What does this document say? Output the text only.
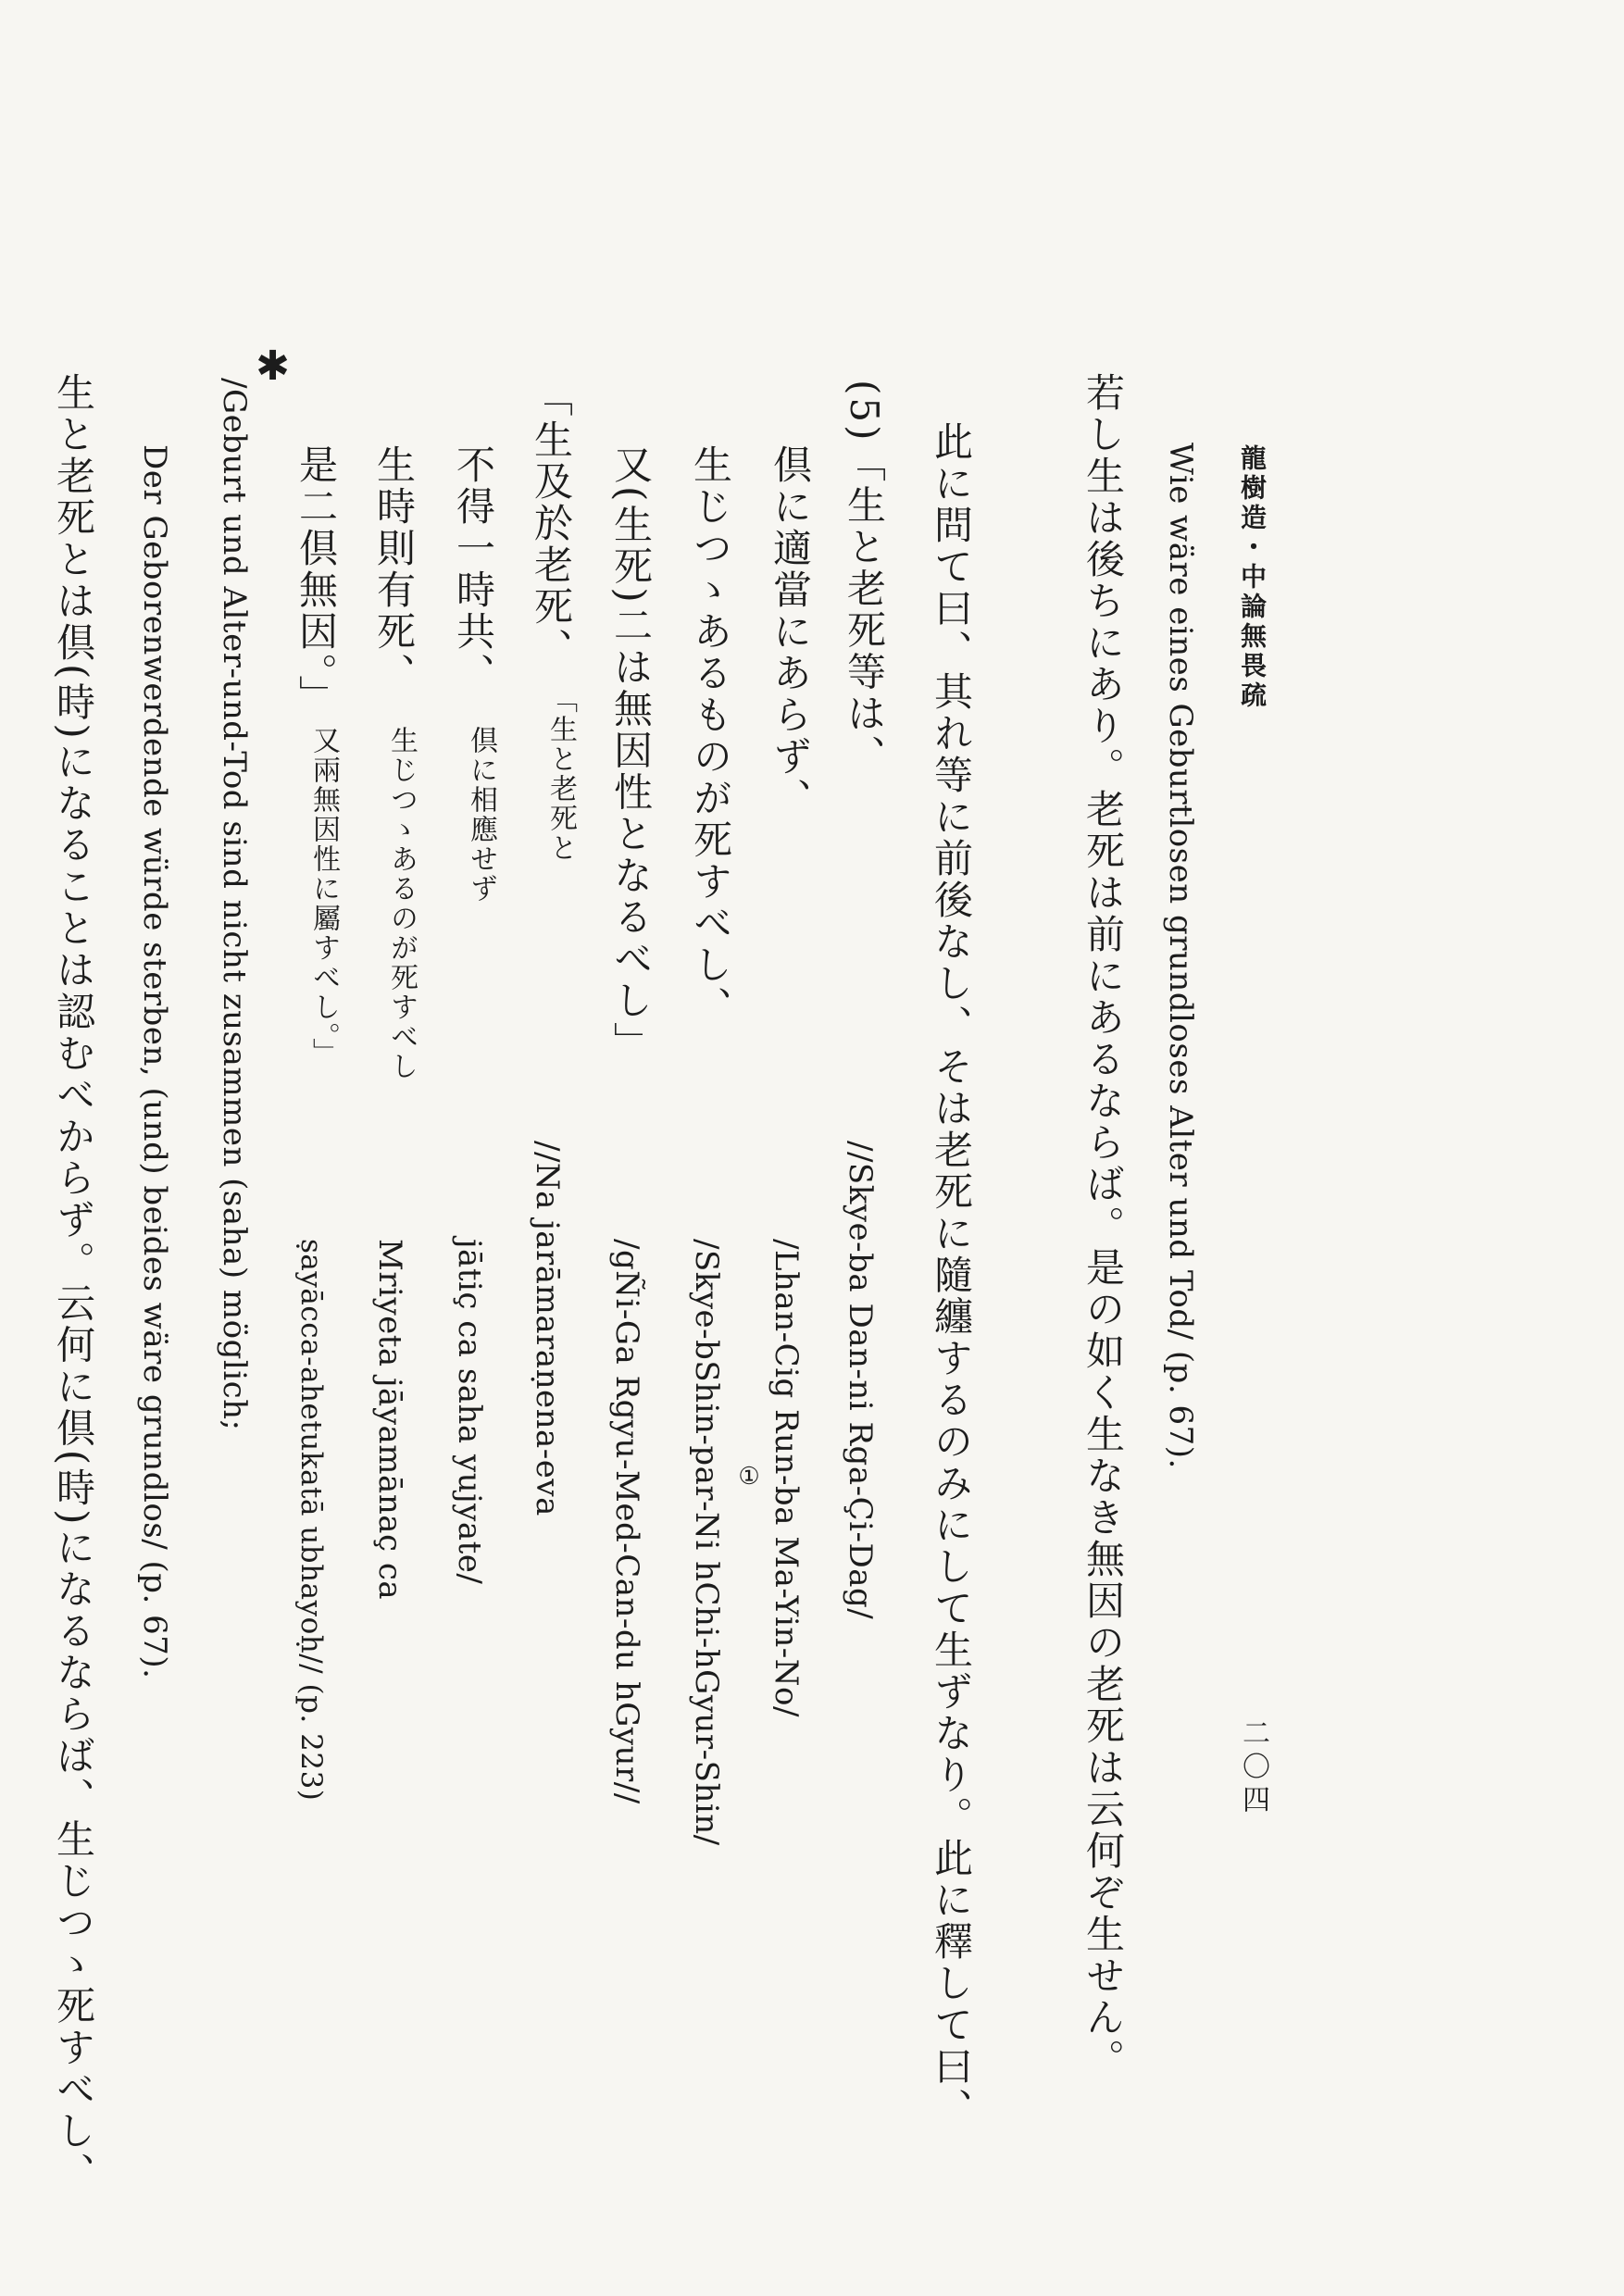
龍樹造・中論無畏疏
二〇四
Wie wäre eines Geburtlosen grundloses Alter und Tod/ (p. 67).
若し生は後ちにあり。老死は前にあるならば。是の如く生なき無因の老死は云何ぞ生せん。
此に問て曰、其れ等に前後なし、そは老死に隨纏するのみにして生ずなり。此に釋して曰、
(5)「生と老死等は、
//Skye-ba Dan-ni Rga-Çi-Dag/
倶に適當にあらず、
/Lhan-Cig Run-ba Ma-Yin-No/
①
生じつゝあるものが死すべし、
/Skye-bShin-par-Ni hChi-hGyur-Shin/
又(生死)二は無因性となるべし」
/gÑi-Ga Rgyu-Med-Can-du hGyur//
✱
「生及於老死、
「生と老死と
//Na jarāmaraṇena-eva
不得一時共、
倶に相應せず
jātiç ca saha yujyate/
生時則有死、
生じつゝあるのが死すべし
Mriyeta jāyamānaç ca
是二倶無因。」
又兩無因性に屬すべし。」
ṣayācca-ahetukatā ubhayoḥ// (p. 223)
/Geburt und Alter-und-Tod sind nicht zusammen (saha) möglich;
Der Geborenwerdende würde sterben, (und) beides wäre grundlos/ (p. 67).
生と老死とは倶(時)になることは認むべからず。云何に倶(時)になるならば、生じつゝ死すべし、
